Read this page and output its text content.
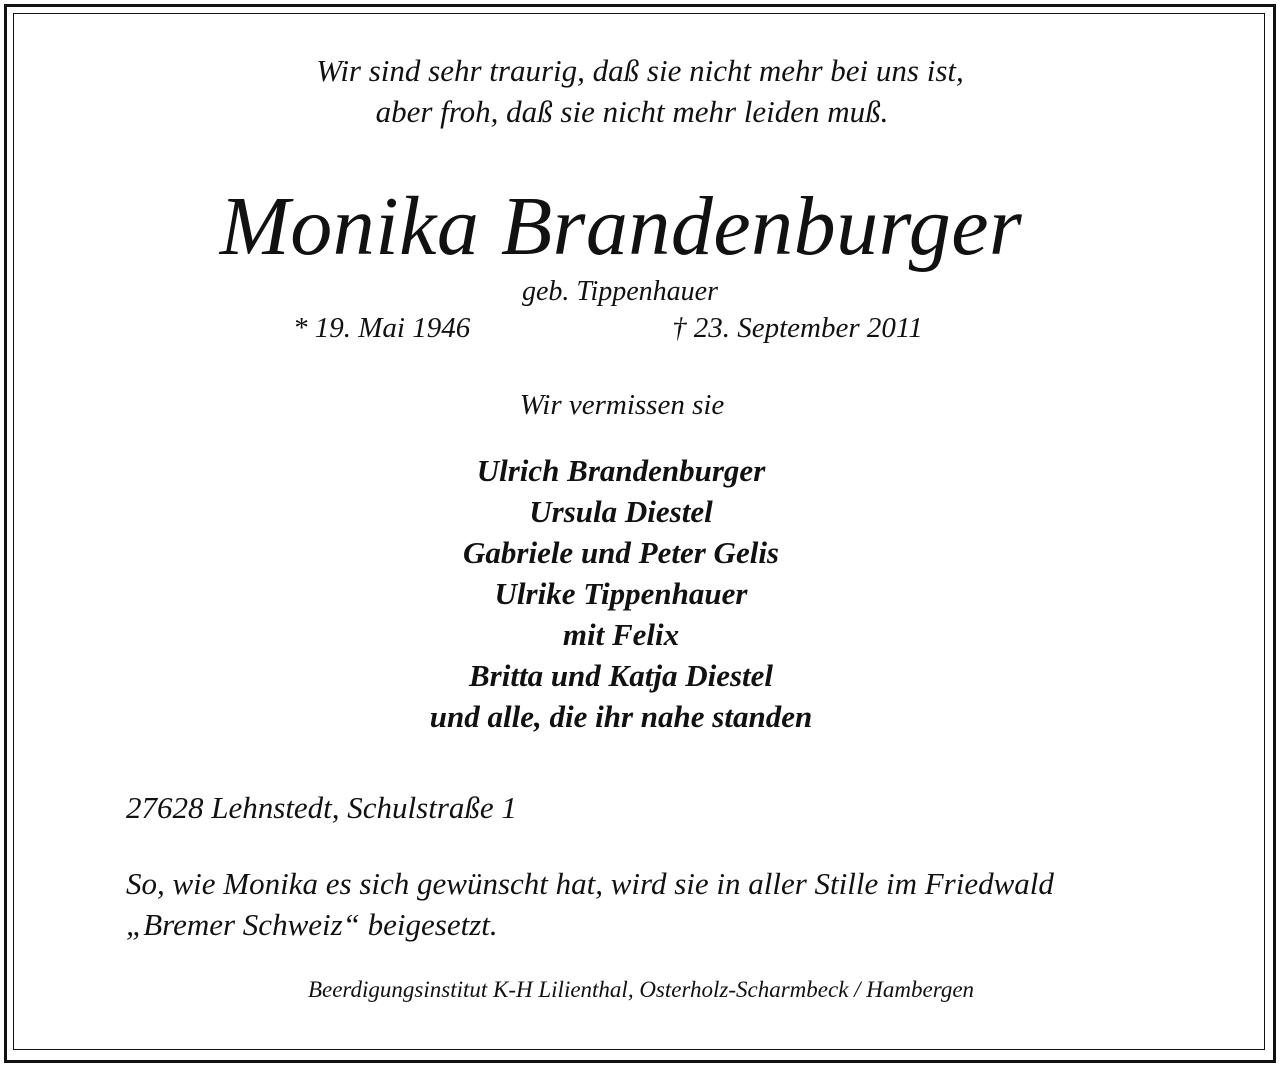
Wir sind sehr traurig, daß sie nicht mehr bei uns ist,

aber froh, daß sie nicht mehr leiden muß.

Monika Brandenburger

geb. Tippenhauer

* 19. Mai 1946	† 23. September 2011

Wir vermissen sie

Ulrich Brandenburger
Ursula Diestel
Gabriele und Peter Gelis
Ulrike Tippenhauer
mit Felix
Britta und Katja Diestel
und alle, die ihr nahe standen

27628 Lehnstedt, Schulstraße 1

So, wie Monika es sich gewünscht hat, wird sie in aller Stille im Friedwald
„Bremer Schweiz“ beigesetzt.

Beerdigungsinstitut K-H Lilienthal, Osterholz-Scharmbeck / Hambergen
